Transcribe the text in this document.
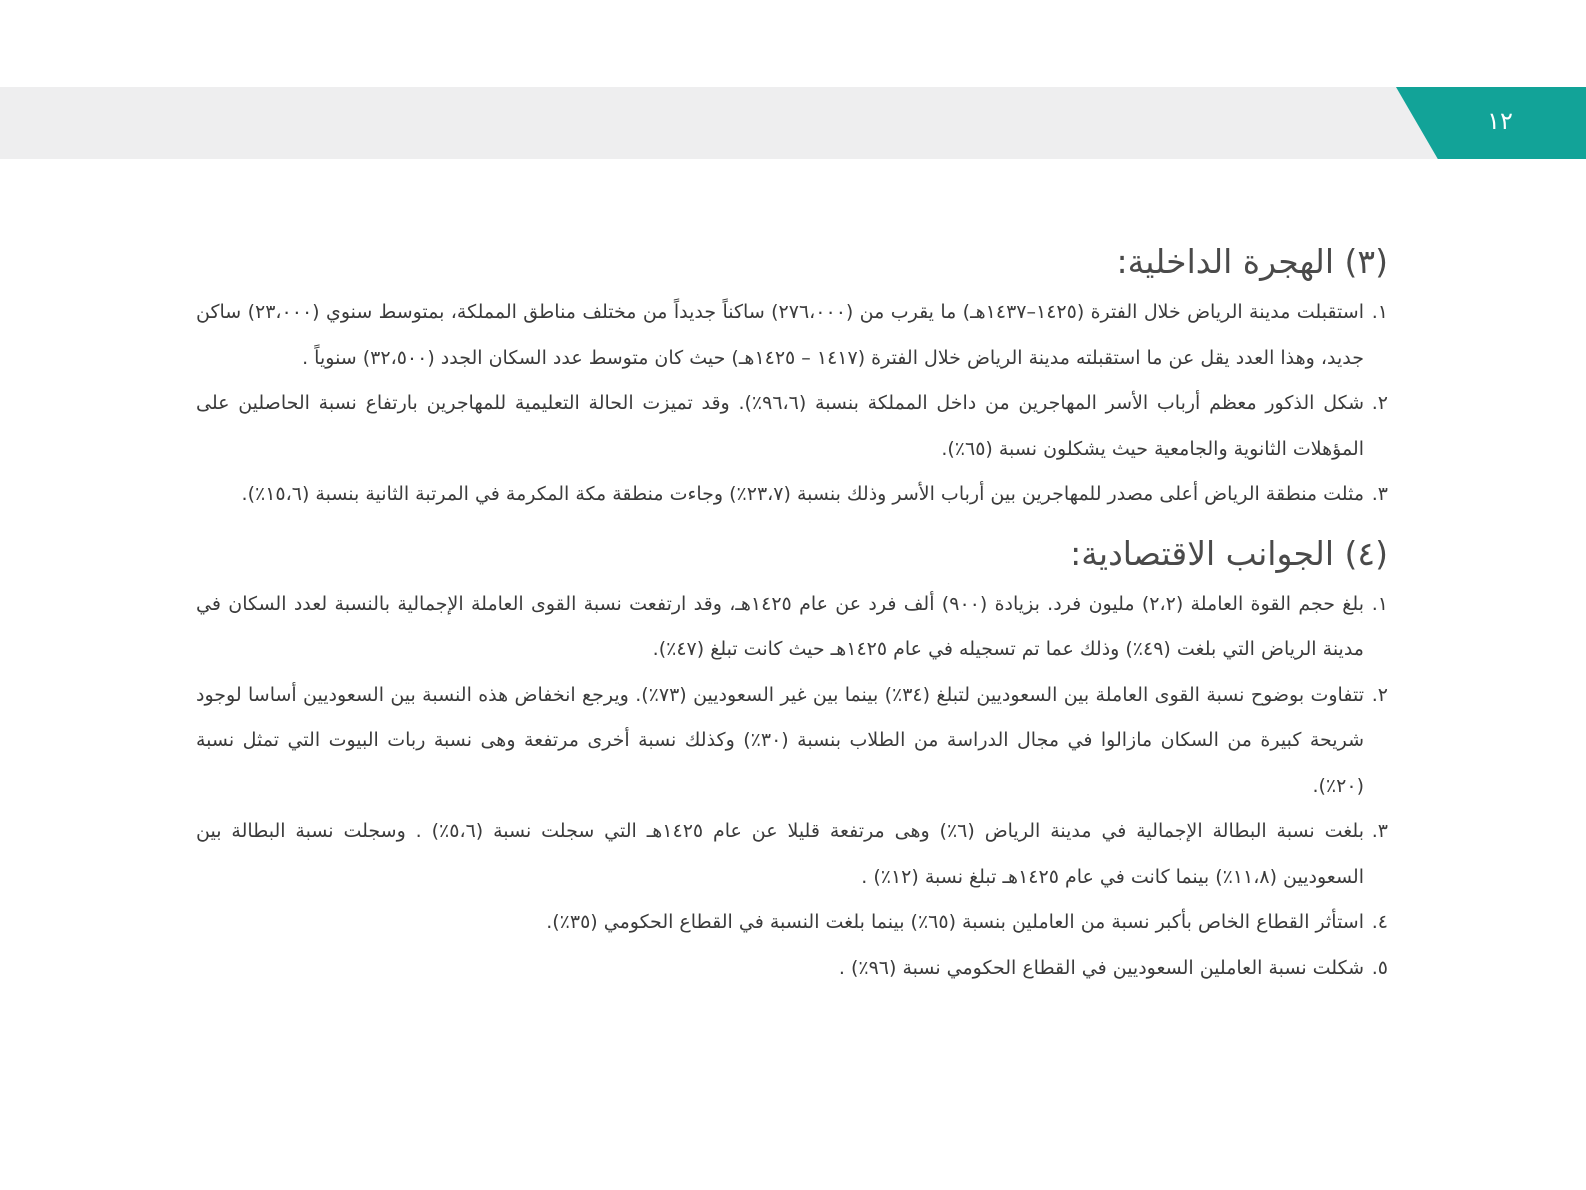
١٢
(٣) الهجرة الداخلية:
١.
استقبلت مدينة الرياض خلال الفترة (١٤٢٥–١٤٣٧هـ) ما يقرب من (٢٧٦،٠٠٠) ساكناً جديداً من مختلف مناطق المملكة، بمتوسط سنوي (٢٣،٠٠٠) ساكن جديد، وهذا العدد يقل عن ما استقبلته مدينة الرياض خلال الفترة (١٤١٧ – ١٤٢٥هـ) حيث كان متوسط عدد السكان الجدد (٣٢،٥٠٠) سنوياً .
٢.
شكل الذكور معظم أرباب الأسر المهاجرين من داخل المملكة بنسبة (٩٦،٦٪). وقد تميزت الحالة التعليمية للمهاجرين بارتفاع نسبة الحاصلين على المؤهلات الثانوية والجامعية حيث يشكلون نسبة (٦٥٪).
٣.
مثلت منطقة الرياض أعلى مصدر للمهاجرين بين أرباب الأسر وذلك بنسبة (٢٣،٧٪) وجاءت منطقة مكة المكرمة في المرتبة الثانية بنسبة (١٥،٦٪).
(٤) الجوانب الاقتصادية:
١.
بلغ حجم القوة العاملة (٢،٢) مليون فرد. بزيادة (٩٠٠) ألف فرد عن عام ١٤٢٥هـ، وقد ارتفعت نسبة القوى العاملة الإجمالية بالنسبة لعدد السكان في مدينة الرياض التي بلغت (٤٩٪) وذلك عما تم تسجيله في عام ١٤٢٥هـ حيث كانت تبلغ (٤٧٪).
٢.
تتفاوت بوضوح نسبة القوى العاملة بين السعوديين لتبلغ (٣٤٪) بينما بين غير السعوديين (٧٣٪). ويرجع انخفاض هذه النسبة بين السعوديين أساسا لوجود شريحة كبيرة من السكان مازالوا في مجال الدراسة من الطلاب بنسبة (٣٠٪) وكذلك نسبة أخرى مرتفعة وهى نسبة ربات البيوت التي تمثل نسبة (٢٠٪).
٣.
بلغت نسبة البطالة الإجمالية في مدينة الرياض (٦٪) وهى مرتفعة قليلا عن عام ١٤٢٥هـ التي سجلت نسبة (٥،٦٪) . وسجلت نسبة البطالة بين السعوديين (١١،٨٪) بينما كانت في عام ١٤٢٥هـ تبلغ نسبة (١٢٪) .
٤.
استأثر القطاع الخاص بأكبر نسبة من العاملين بنسبة (٦٥٪) بينما بلغت النسبة في القطاع الحكومي (٣٥٪).
٥.
شكلت نسبة العاملين السعوديين في القطاع الحكومي نسبة (٩٦٪) .
